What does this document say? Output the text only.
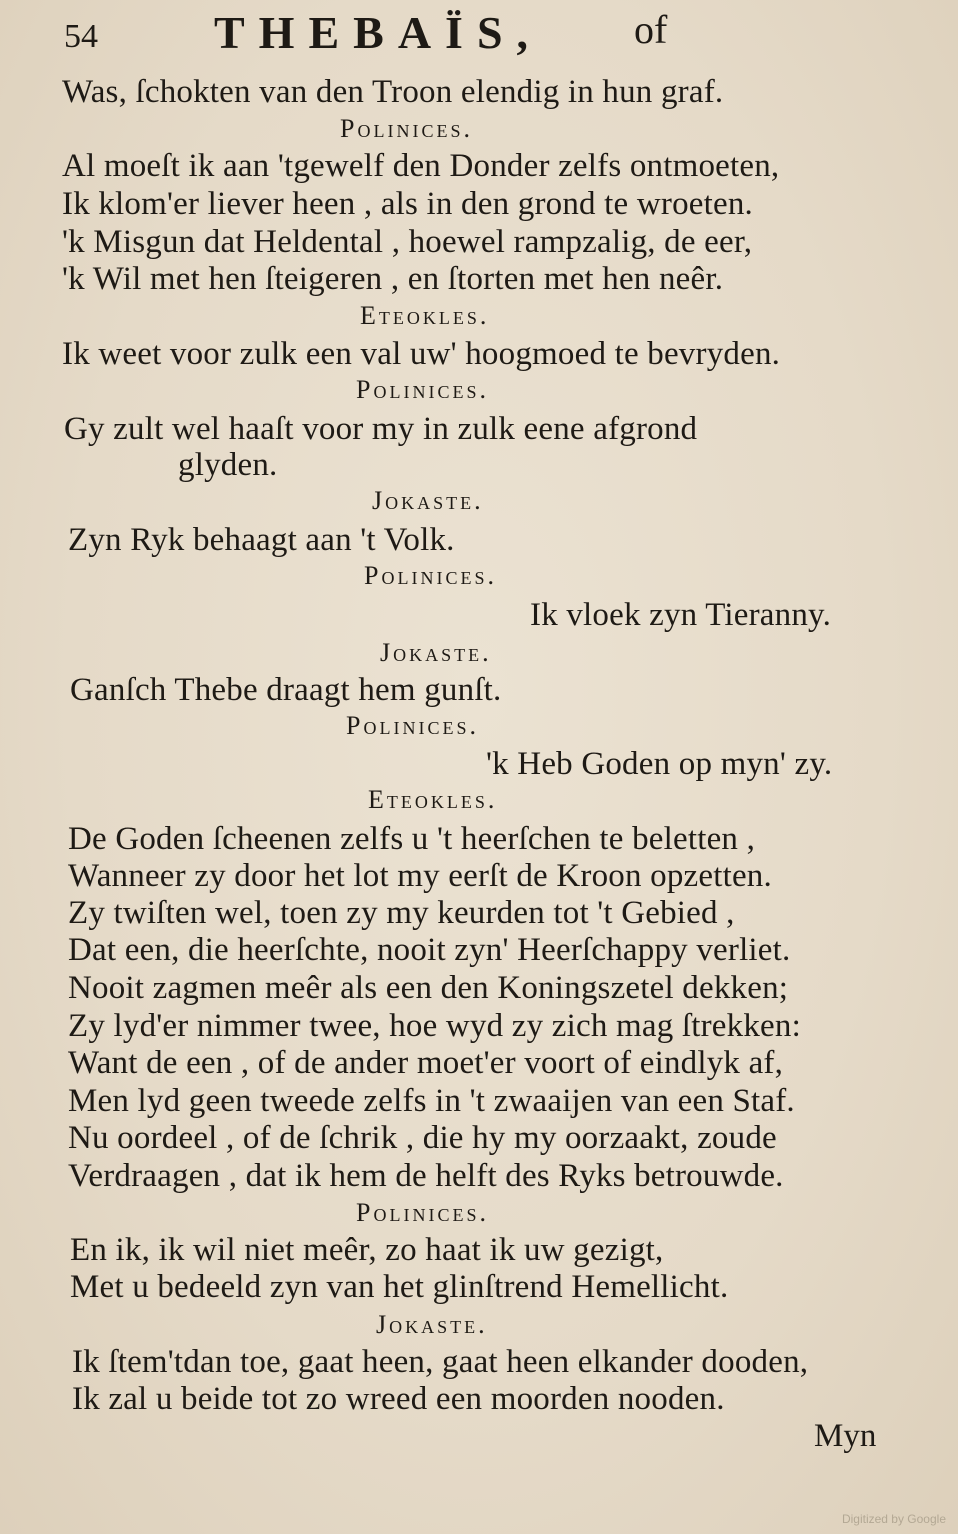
54	THEBAÏS, of
Was, ſchokten van den Troon elendig in hun graf.
Polinices.
Al moeſt ik aan 'tgewelf den Donder zelfs ontmoeten,
Ik klom'er liever heen , als in den grond te wroeten.
'k Misgun dat Heldental , hoewel rampzalig, de eer,
'k Wil met hen ſteigeren , en ſtorten met hen neêr.
Eteokles.
Ik weet voor zulk een val uw' hoogmoed te bevryden.
Polinices.
Gy zult wel haaſt voor my in zulk eene afgrond
glyden.
Jokaste.
Zyn Ryk behaagt aan 't Volk.
Polinices.
Ik vloek zyn Tieranny.
Jokaste.
Ganſch Thebe draagt hem gunſt.
Polinices.
'k Heb Goden op myn' zy.
Eteokles.
De Goden ſcheenen zelfs u 't heerſchen te beletten ,
Wanneer zy door het lot my eerſt de Kroon opzetten.
Zy twiſten wel, toen zy my keurden tot 't Gebied ,
Dat een, die heerſchte, nooit zyn' Heerſchappy verliet.
Nooit zagmen meêr als een den Koningszetel dekken;
Zy lyd'er nimmer twee, hoe wyd zy zich mag ſtrekken:
Want de een , of de ander moet'er voort of eindlyk af,
Men lyd geen tweede zelfs in 't zwaaijen van een Staf.
Nu oordeel , of de ſchrik , die hy my oorzaakt, zoude
Verdraagen , dat ik hem de helft des Ryks betrouwde.
Polinices.
En ik, ik wil niet meêr, zo haat ik uw gezigt,
Met u bedeeld zyn van het glinſtrend Hemellicht.
Jokaste.
Ik ſtem'tdan toe, gaat heen, gaat heen elkander dooden,
Ik zal u beide tot zo wreed een moorden nooden.
Myn
Digitized by Google
